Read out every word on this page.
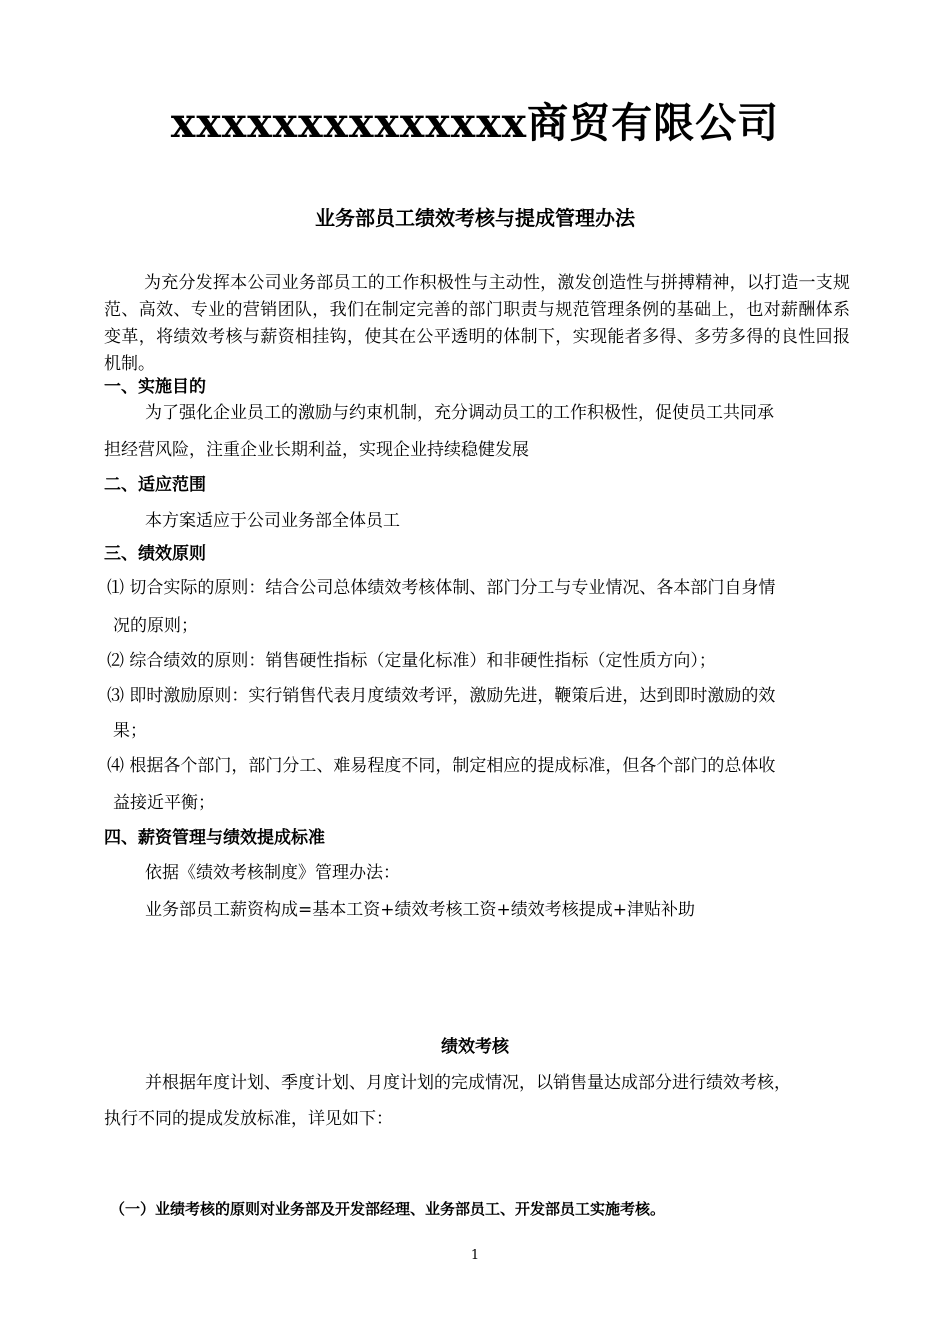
xxxxxxxxxxxxxx商贸有限公司
业务部员工绩效考核与提成管理办法

为充分发挥本公司业务部员工的工作积极性与主动性，激发创造性与拼搏精神，以打造一支规范、高效、专业的营销团队，我们在制定完善的部门职责与规范管理条例的基础上，也对薪酬体系变革，将绩效考核与薪资相挂钩，使其在公平透明的体制下，实现能者多得、多劳多得的良性回报机制。

一、实施目的
为了强化企业员工的激励与约束机制，充分调动员工的工作积极性，促使员工共同承
担经营风险，注重企业长期利益，实现企业持续稳健发展
二、适应范围
本方案适应于公司业务部全体员工
三、绩效原则
⑴ 切合实际的原则：结合公司总体绩效考核体制、部门分工与专业情况、各本部门自身情
况的原则；
⑵ 综合绩效的原则：销售硬性指标（定量化标准）和非硬性指标（定性质方向）；
⑶ 即时激励原则：实行销售代表月度绩效考评，激励先进，鞭策后进，达到即时激励的效
果；
⑷ 根据各个部门，部门分工、难易程度不同，制定相应的提成标准，但各个部门的总体收
益接近平衡；
四、薪资管理与绩效提成标准
依据《绩效考核制度》管理办法：
业务部员工薪资构成=基本工资+绩效考核工资+绩效考核提成+津贴补助
绩效考核
并根据年度计划、季度计划、月度计划的完成情况，以销售量达成部分进行绩效考核，
执行不同的提成发放标准，详见如下：
（一）业绩考核的原则对业务部及开发部经理、业务部员工、开发部员工实施考核。
1
